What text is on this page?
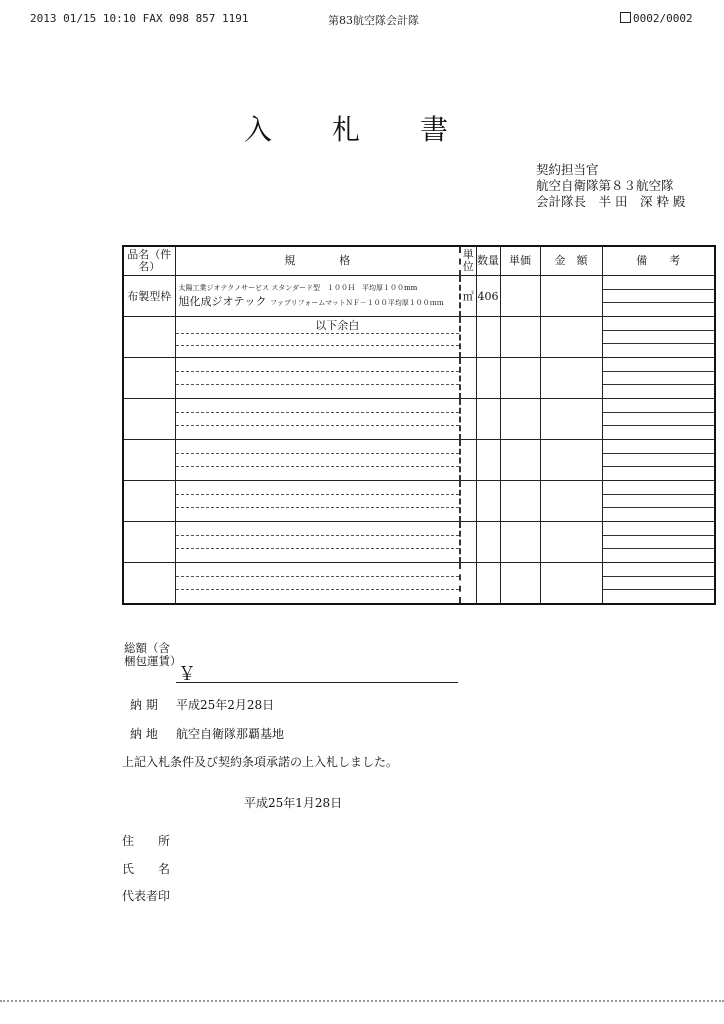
2013 01/15 10:10 FAX 098 857 1191	第83航空隊会計隊	0002/0002
入札書
契約担当官
航空自衛隊第８３航空隊
会計隊長　半 田　深 粋 殿
品名（件名）	規　　　　格	単位	数量	単価	金　額	備　　考
布製型枠	太陽工業ジオテクノサービス スタンダード型　１００Ｈ　平均厚１００mm
旭化成ジオテック ファブリフォームマットＮＦ－１００平均厚１００ｍｍ	㎡	406			

	以下余白					

総額（含梱包運賃）
￥
納 期 平成25年2月28日
納 地 航空自衛隊那覇基地
上記入札条件及び契約条項承諾の上入札しました。
平成25年1月28日
住　　所
氏　　名
代表者印
